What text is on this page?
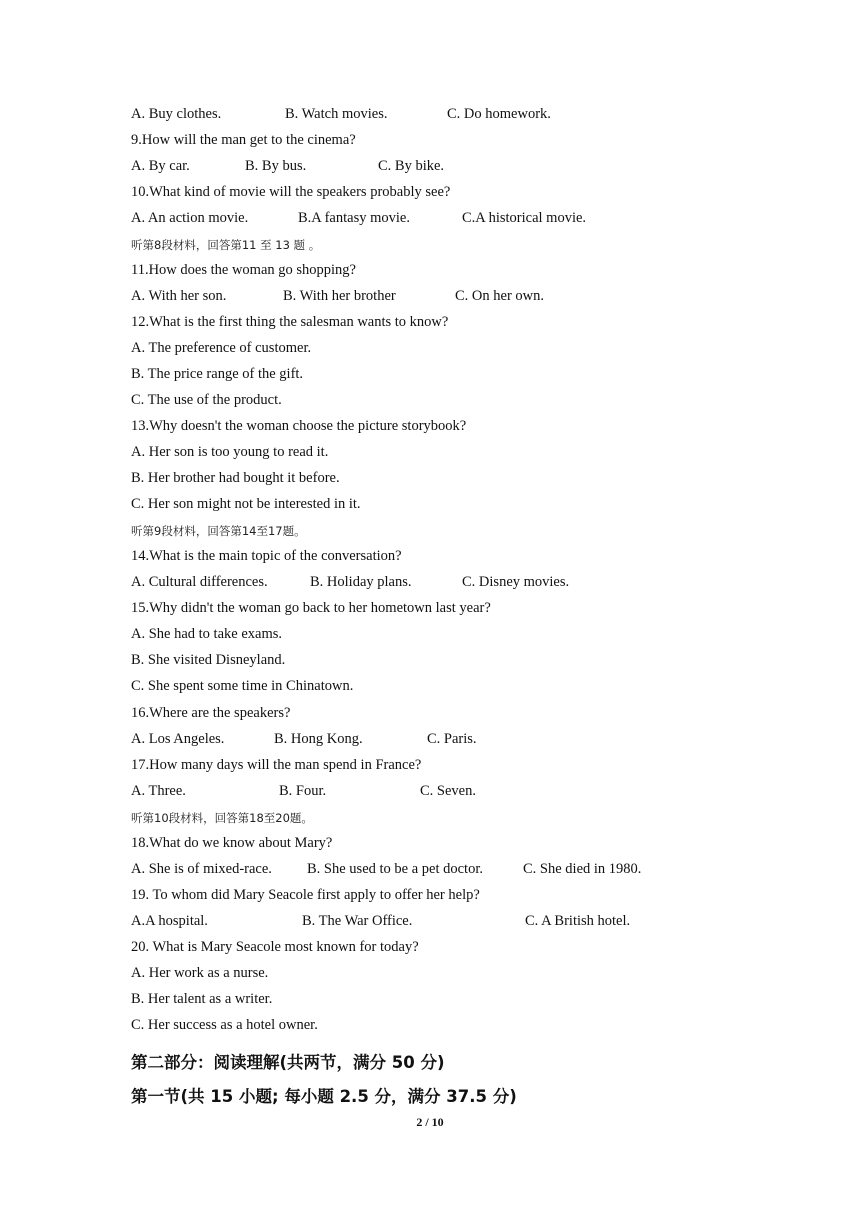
A. Buy clothes.	B. Watch movies.	C. Do homework.
9.How will the man get to the cinema?
A. By car.	B. By bus.	C. By bike.
10.What kind of movie will the speakers probably see?
A. An action movie.	B.A fantasy movie.	C.A historical movie.
听第8段材料，回答第11 至 13 题 。
11.How does the woman go shopping?
A. With her son.	B. With her brother	C. On her own.
12.What is the first thing the salesman wants to know?
A. The preference of customer.
B. The price range of the gift.
C. The use of the product.
13.Why doesn't the woman choose the picture storybook?
A. Her son is too young to read it.
B. Her brother had bought it before.
C. Her son might not be interested in it.
听第9段材料，回答第14至17题。
14.What is the main topic of the conversation?
A. Cultural differences.	B. Holiday plans.	C. Disney movies.
15.Why didn't the woman go back to her hometown last year?
A. She had to take exams.
B. She visited Disneyland.
C. She spent some time in Chinatown.
16.Where are the speakers?
A. Los Angeles.	B. Hong Kong.	C. Paris.
17.How many days will the man spend in France?
A. Three.	B. Four.	C. Seven.
听第10段材料，回答第18至20题。
18.What do we know about Mary?
A. She is of mixed-race. B. She used to be a pet doctor.	C. She died in 1980.
19. To whom did Mary Seacole first apply to offer her help?
A.A hospital.	B. The War Office.	C. A British hotel.
20. What is Mary Seacole most known for today?
A. Her work as a nurse.
B. Her talent as a writer.
C. Her success as a hotel owner.
第二部分：阅读理解(共两节，满分 50 分)
第一节(共 15 小题; 每小题 2.5 分，满分 37.5 分)
2 / 10
